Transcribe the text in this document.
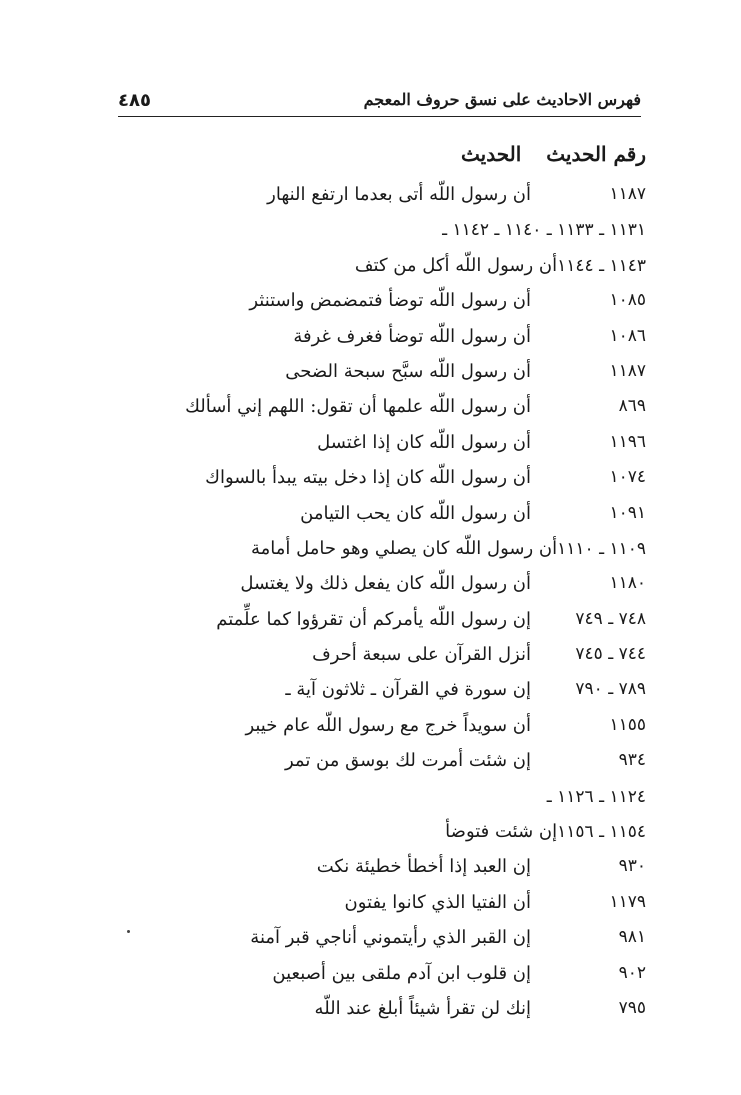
٤٨٥	فهرس الاحاديث على نسق حروف المعجم
رقم الحديث الحديث
١١٨٧
أن رسول اللّه أتى بعدما ارتفع النهار
١١٣١ ـ ١١٣٣ ـ ١١٤٠ ـ ١١٤٢ ـ
١١٤٣ ـ ١١٤٤أن رسول اللّه أكل من كتف
١٠٨٥
أن رسول اللّه توضأ فتمضمض واستنثر
١٠٨٦
أن رسول اللّه توضأ فغرف غرفة
١١٨٧
أن رسول اللّه سبَّح سبحة الضحى
٨٦٩
أن رسول اللّه علمها أن تقول: اللهم إني أسألك
١١٩٦
أن رسول اللّه كان إذا اغتسل
١٠٧٤
أن رسول اللّه كان إذا دخل بيته يبدأ بالسواك
١٠٩١
أن رسول اللّه كان يحب التيامن
١١٠٩ ـ ١١١٠أن رسول اللّه كان يصلي وهو حامل أمامة
١١٨٠
أن رسول اللّه كان يفعل ذلك ولا يغتسل
٧٤٨ ـ ٧٤٩
إن رسول اللّه يأمركم أن تقرؤوا كما علِّمتم
٧٤٤ ـ ٧٤٥
أنزل القرآن على سبعة أحرف
٧٨٩ ـ ٧٩٠
إن سورة في القرآن ـ ثلاثون آية ـ
١١٥٥
أن سويداً خرج مع رسول اللّه عام خيبر
٩٣٤
إن شئت أمرت لك بوسق من تمر
١١٢٤ ـ ١١٢٦ ـ
١١٥٤ ـ ١١٥٦إن شئت فتوضأ
٩٣٠
إن العبد إذا أخطأ خطيئة نكت
١١٧٩
أن الفتيا الذي كانوا يفتون
٩٨١
إن القبر الذي رأيتموني أناجي قبر آمنة
٩٠٢
إن قلوب ابن آدم ملقى بين أصبعين
٧٩٥
إنك لن تقرأ شيئاً أبلغ عند اللّه
